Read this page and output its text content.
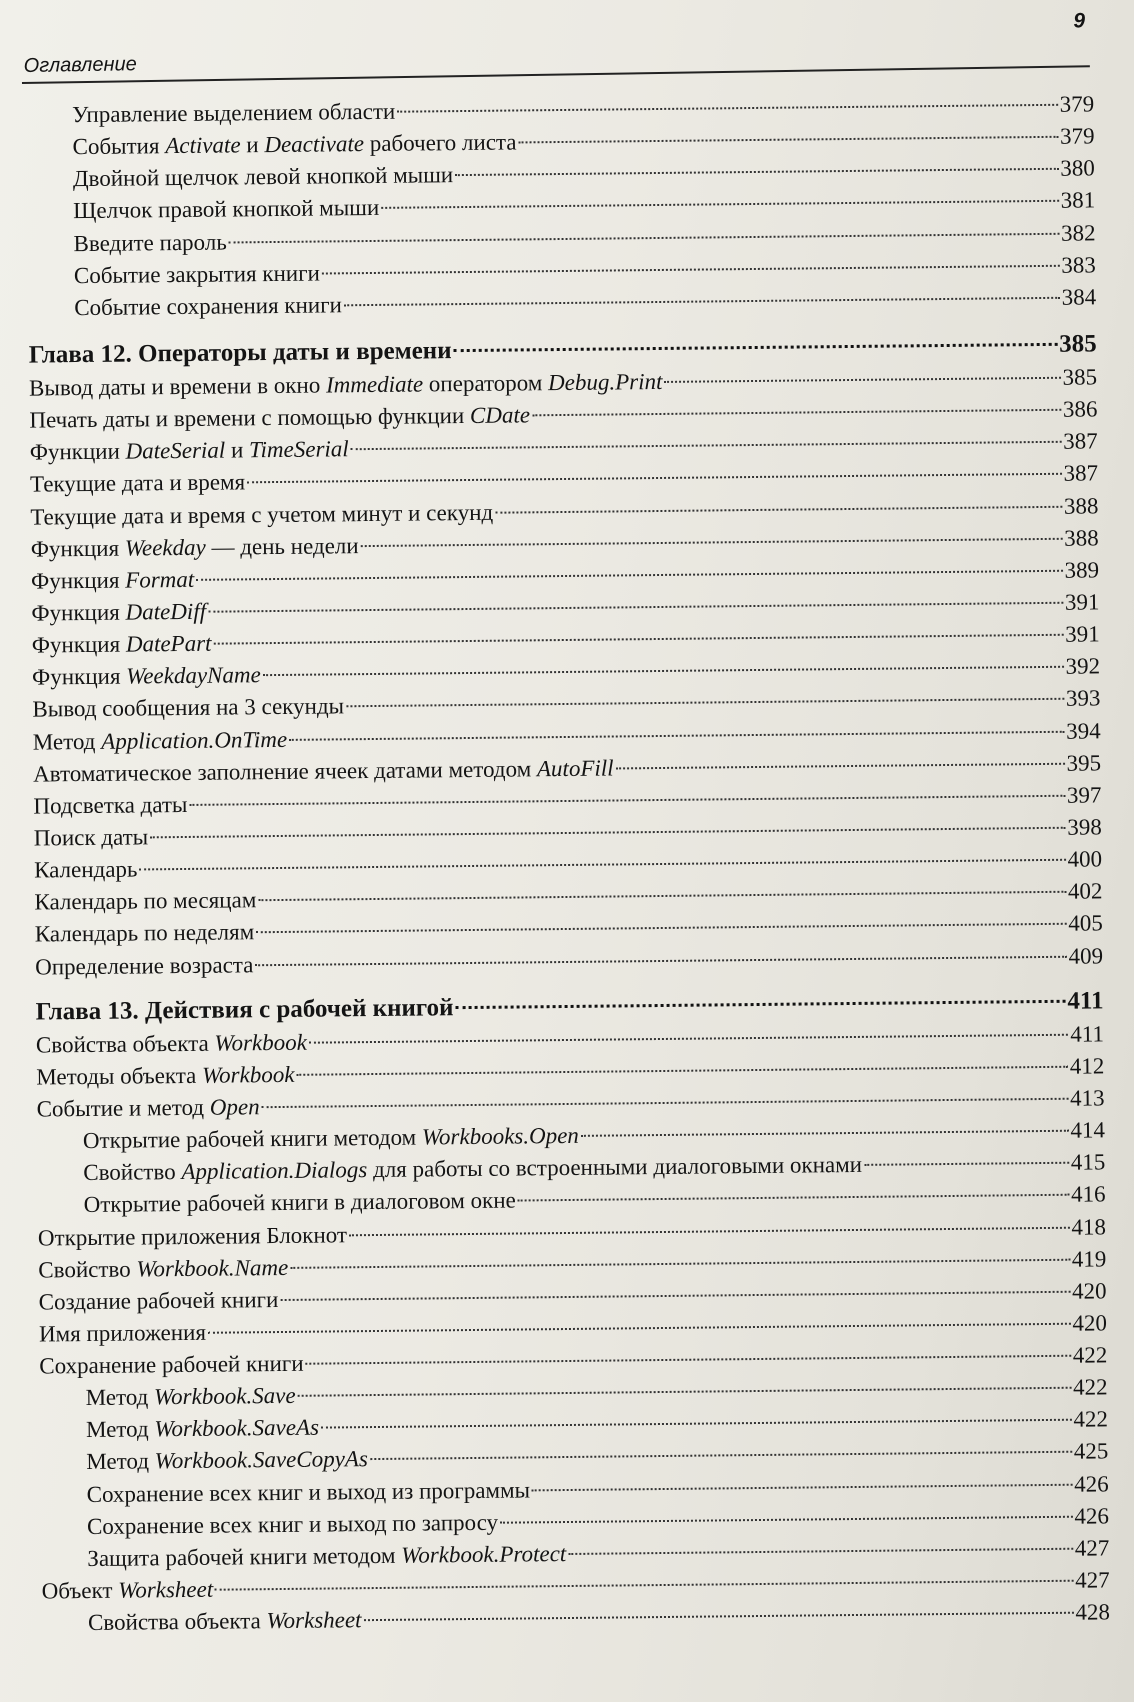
Оглавление
9
Управление выделением области	379
События Activate и Deactivate рабочего листа	379
Двойной щелчок левой кнопкой мыши	380
Щелчок правой кнопкой мыши	381
Введите пароль	382
Событие закрытия книги	383
Событие сохранения книги	384
Глава 12. Операторы даты и времени	385
Вывод даты и времени в окно Immediate оператором Debug.Print	385
Печать даты и времени с помощью функции CDate	386
Функции DateSerial и TimeSerial	387
Текущие дата и время	387
Текущие дата и время с учетом минут и секунд	388
Функция Weekday — день недели	388
Функция Format	389
Функция DateDiff	391
Функция DatePart	391
Функция WeekdayName	392
Вывод сообщения на 3 секунды	393
Метод Application.OnTime	394
Автоматическое заполнение ячеек датами методом AutoFill	395
Подсветка даты	397
Поиск даты	398
Календарь	400
Календарь по месяцам	402
Календарь по неделям	405
Определение возраста	409
Глава 13. Действия с рабочей книгой	411
Свойства объекта Workbook	411
Методы объекта Workbook	412
Событие и метод Open	413
Открытие рабочей книги методом Workbooks.Open	414
Свойство Application.Dialogs для работы со встроенными диалоговыми окнами	415
Открытие рабочей книги в диалоговом окне	416
Открытие приложения Блокнот	418
Свойство Workbook.Name	419
Создание рабочей книги	420
Имя приложения	420
Сохранение рабочей книги	422
Метод Workbook.Save	422
Метод Workbook.SaveAs	422
Метод Workbook.SaveCopyAs	425
Сохранение всех книг и выход из программы	426
Сохранение всех книг и выход по запросу	426
Защита рабочей книги методом Workbook.Protect	427
Объект Worksheet	427
Свойства объекта Worksheet	428
